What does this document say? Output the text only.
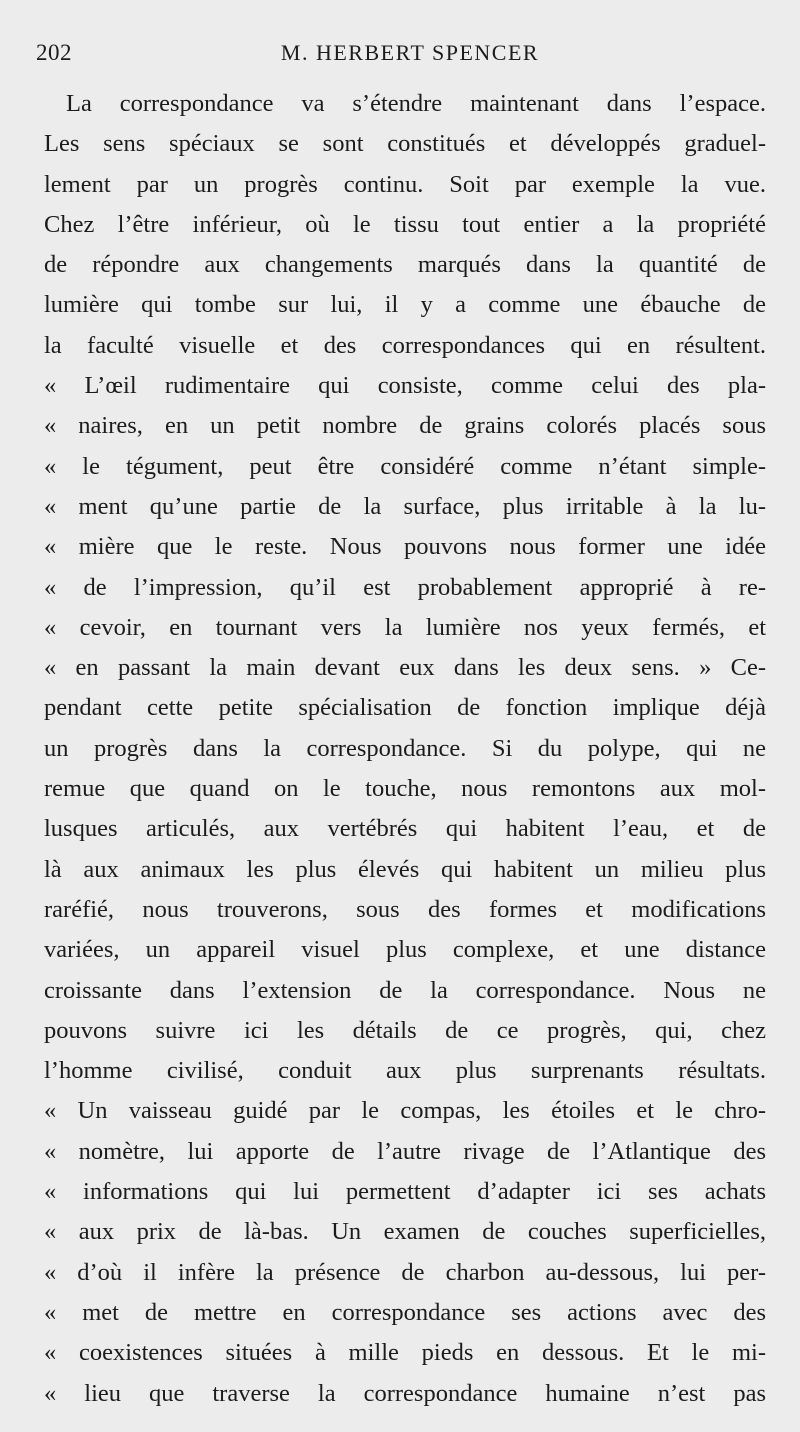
202	M. HERBERT SPENCER
La correspondance va s’étendre maintenant dans l’espace.
Les sens spéciaux se sont constitués et développés graduel-
lement par un progrès continu. Soit par exemple la vue.
Chez l’être inférieur, où le tissu tout entier a la propriété
de répondre aux changements marqués dans la quantité de
lumière qui tombe sur lui, il y a comme une ébauche de
la faculté visuelle et des correspondances qui en résultent.
« L’œil rudimentaire qui consiste, comme celui des pla-
« naires, en un petit nombre de grains colorés placés sous
« le tégument, peut être considéré comme n’étant simple-
« ment qu’une partie de la surface, plus irritable à la lu-
« mière que le reste. Nous pouvons nous former une idée
« de l’impression, qu’il est probablement approprié à re-
« cevoir, en tournant vers la lumière nos yeux fermés, et
« en passant la main devant eux dans les deux sens. » Ce-
pendant cette petite spécialisation de fonction implique déjà
un progrès dans la correspondance. Si du polype, qui ne
remue que quand on le touche, nous remontons aux mol-
lusques articulés, aux vertébrés qui habitent l’eau, et de
là aux animaux les plus élevés qui habitent un milieu plus
raréfié, nous trouverons, sous des formes et modifications
variées, un appareil visuel plus complexe, et une distance
croissante dans l’extension de la correspondance. Nous ne
pouvons suivre ici les détails de ce progrès, qui, chez
l’homme civilisé, conduit aux plus surprenants résultats.
« Un vaisseau guidé par le compas, les étoiles et le chro-
« nomètre, lui apporte de l’autre rivage de l’Atlantique des
« informations qui lui permettent d’adapter ici ses achats
« aux prix de là-bas. Un examen de couches superficielles,
« d’où il infère la présence de charbon au-dessous, lui per-
« met de mettre en correspondance ses actions avec des
« coexistences situées à mille pieds en dessous. Et le mi-
« lieu que traverse la correspondance humaine n’est pas
